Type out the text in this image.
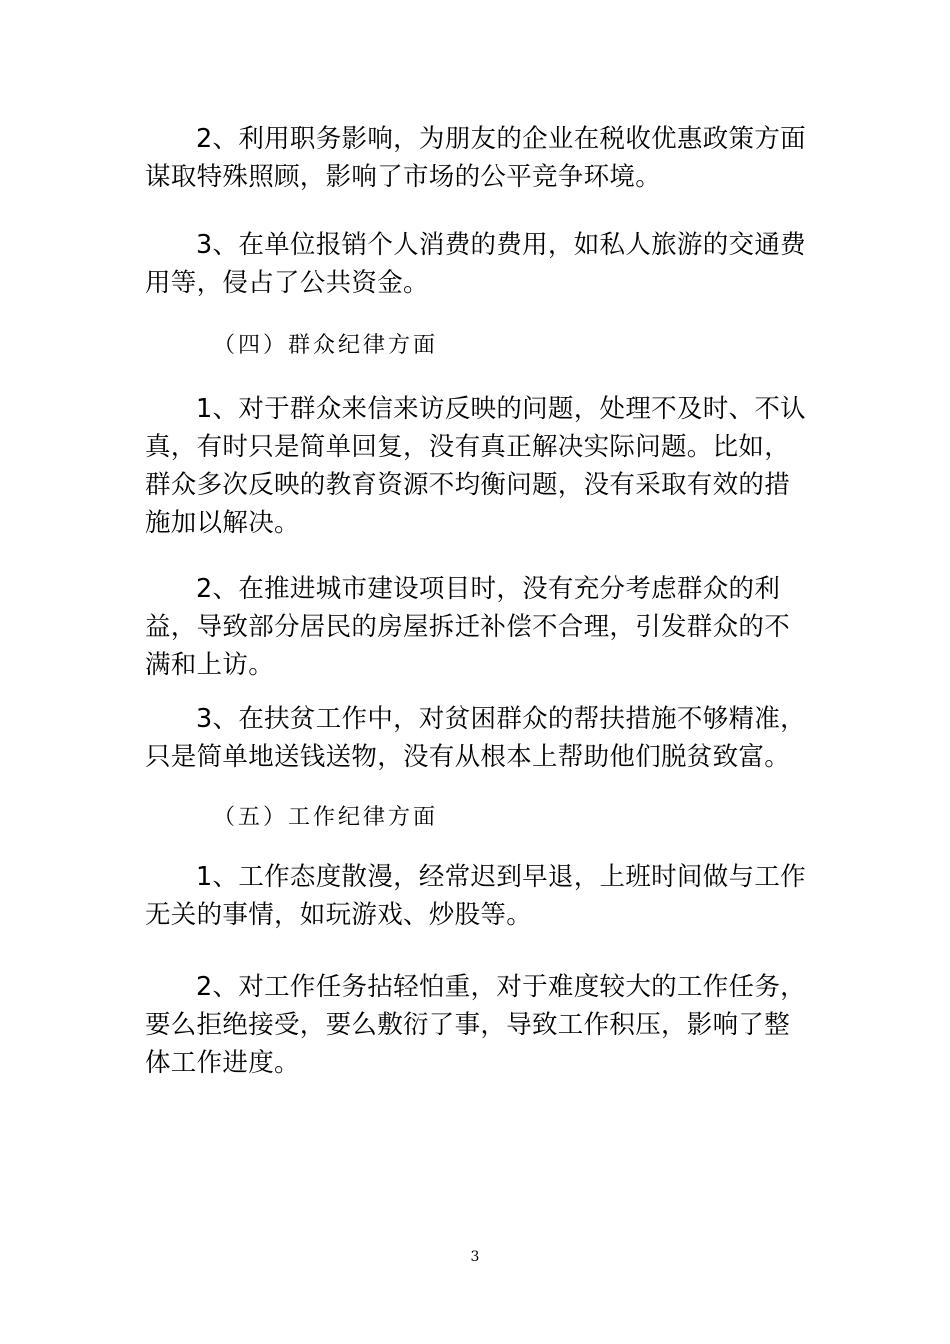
2、利用职务影响，为朋友的企业在税收优惠政策方面谋取特殊照顾，影响了市场的公平竞争环境。

3、在单位报销个人消费的费用，如私人旅游的交通费用等，侵占了公共资金。

（四）群众纪律方面

1、对于群众来信来访反映的问题，处理不及时、不认真，有时只是简单回复，没有真正解决实际问题。比如，群众多次反映的教育资源不均衡问题，没有采取有效的措施加以解决。

2、在推进城市建设项目时，没有充分考虑群众的利益，导致部分居民的房屋拆迁补偿不合理，引发群众的不满和上访。

3、在扶贫工作中，对贫困群众的帮扶措施不够精准，只是简单地送钱送物，没有从根本上帮助他们脱贫致富。

（五）工作纪律方面

1、工作态度散漫，经常迟到早退，上班时间做与工作无关的事情，如玩游戏、炒股等。

2、对工作任务拈轻怕重，对于难度较大的工作任务，要么拒绝接受，要么敷衍了事，导致工作积压，影响了整体工作进度。

3
